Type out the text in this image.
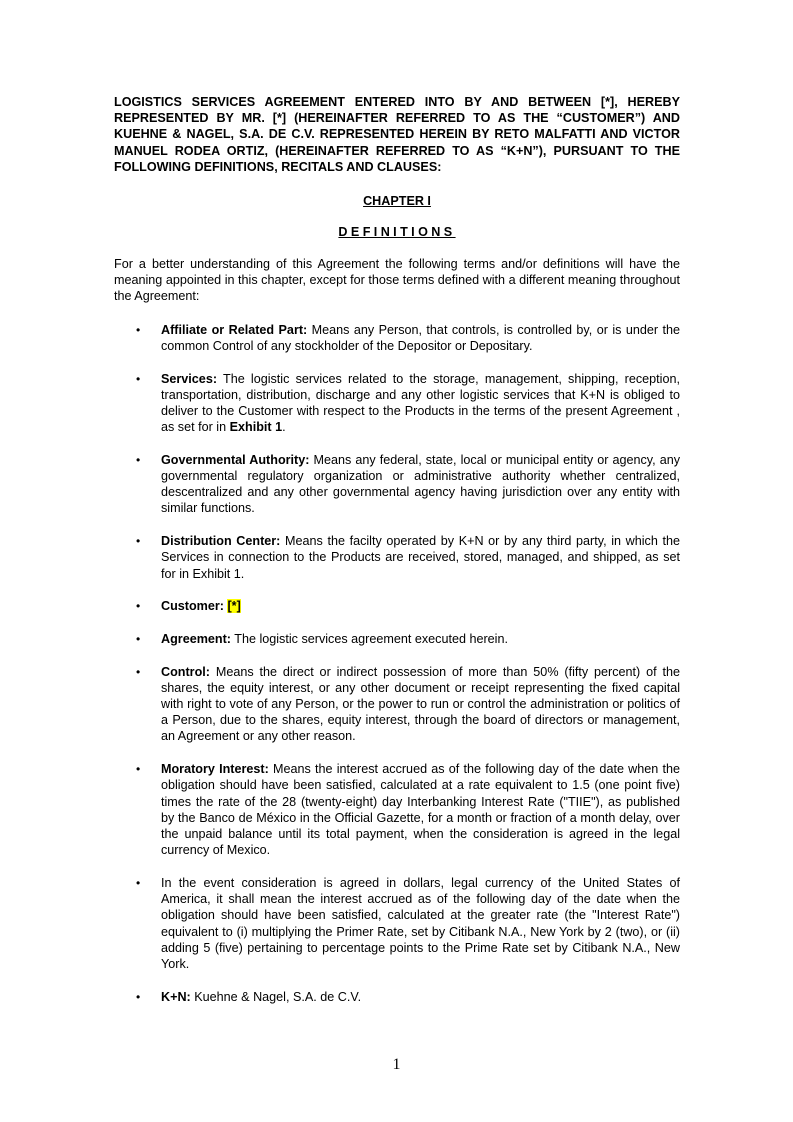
LOGISTICS SERVICES AGREEMENT ENTERED INTO BY AND BETWEEN [*], HEREBY REPRESENTED BY MR. [*] (HEREINAFTER REFERRED TO AS THE “CUSTOMER”) AND KUEHNE & NAGEL, S.A. DE C.V. REPRESENTED HEREIN BY RETO MALFATTI AND VICTOR MANUEL RODEA ORTIZ, (HEREINAFTER REFERRED TO AS “K+N”), PURSUANT TO THE FOLLOWING DEFINITIONS, RECITALS AND CLAUSES:

CHAPTER I

DEFINITIONS

For a better understanding of this Agreement the following terms and/or definitions will have the meaning appointed in this chapter, except for those terms defined with a different meaning throughout the Agreement:

• Affiliate or Related Part: Means any Person, that controls, is controlled by, or is under the common Control of any stockholder of the Depositor or Depositary.
• Services: The logistic services related to the storage, management, shipping, reception, transportation, distribution, discharge and any other logistic services that K+N is obliged to deliver to the Customer with respect to the Products in the terms of the present Agreement , as set for in Exhibit 1.
• Governmental Authority: Means any federal, state, local or municipal entity or agency, any governmental regulatory organization or administrative authority whether centralized, descentralized and any other governmental agency having jurisdiction over any entity with similar functions.
• Distribution Center: Means the facilty operated by K+N or by any third party, in which the Services in connection to the Products are received, stored, managed, and shipped, as set for in Exhibit 1.
• Customer: [*]
• Agreement: The logistic services agreement executed herein.
• Control: Means the direct or indirect possession of more than 50% (fifty percent) of the shares, the equity interest, or any other document or receipt representing the fixed capital with right to vote of any Person, or the power to run or control the administration or politics of a Person, due to the shares, equity interest, through the board of directors or management, an Agreement or any other reason.
• Moratory Interest: Means the interest accrued as of the following day of the date when the obligation should have been satisfied, calculated at a rate equivalent to 1.5 (one point five) times the rate of the 28 (twenty-eight) day Interbanking Interest Rate ("TIIE"), as published by the Banco de México in the Official Gazette, for a month or fraction of a month delay, over the unpaid balance until its total payment, when the consideration is agreed in the legal currency of Mexico.
• In the event consideration is agreed in dollars, legal currency of the United States of America, it shall mean the interest accrued as of the following day of the date when the obligation should have been satisfied, calculated at the greater rate (the "Interest Rate") equivalent to (i) multiplying the Primer Rate, set by Citibank N.A., New York by 2 (two), or (ii) adding 5 (five) pertaining to percentage points to the Prime Rate set by Citibank N.A., New York.
• K+N: Kuehne & Nagel, S.A. de C.V.
1
